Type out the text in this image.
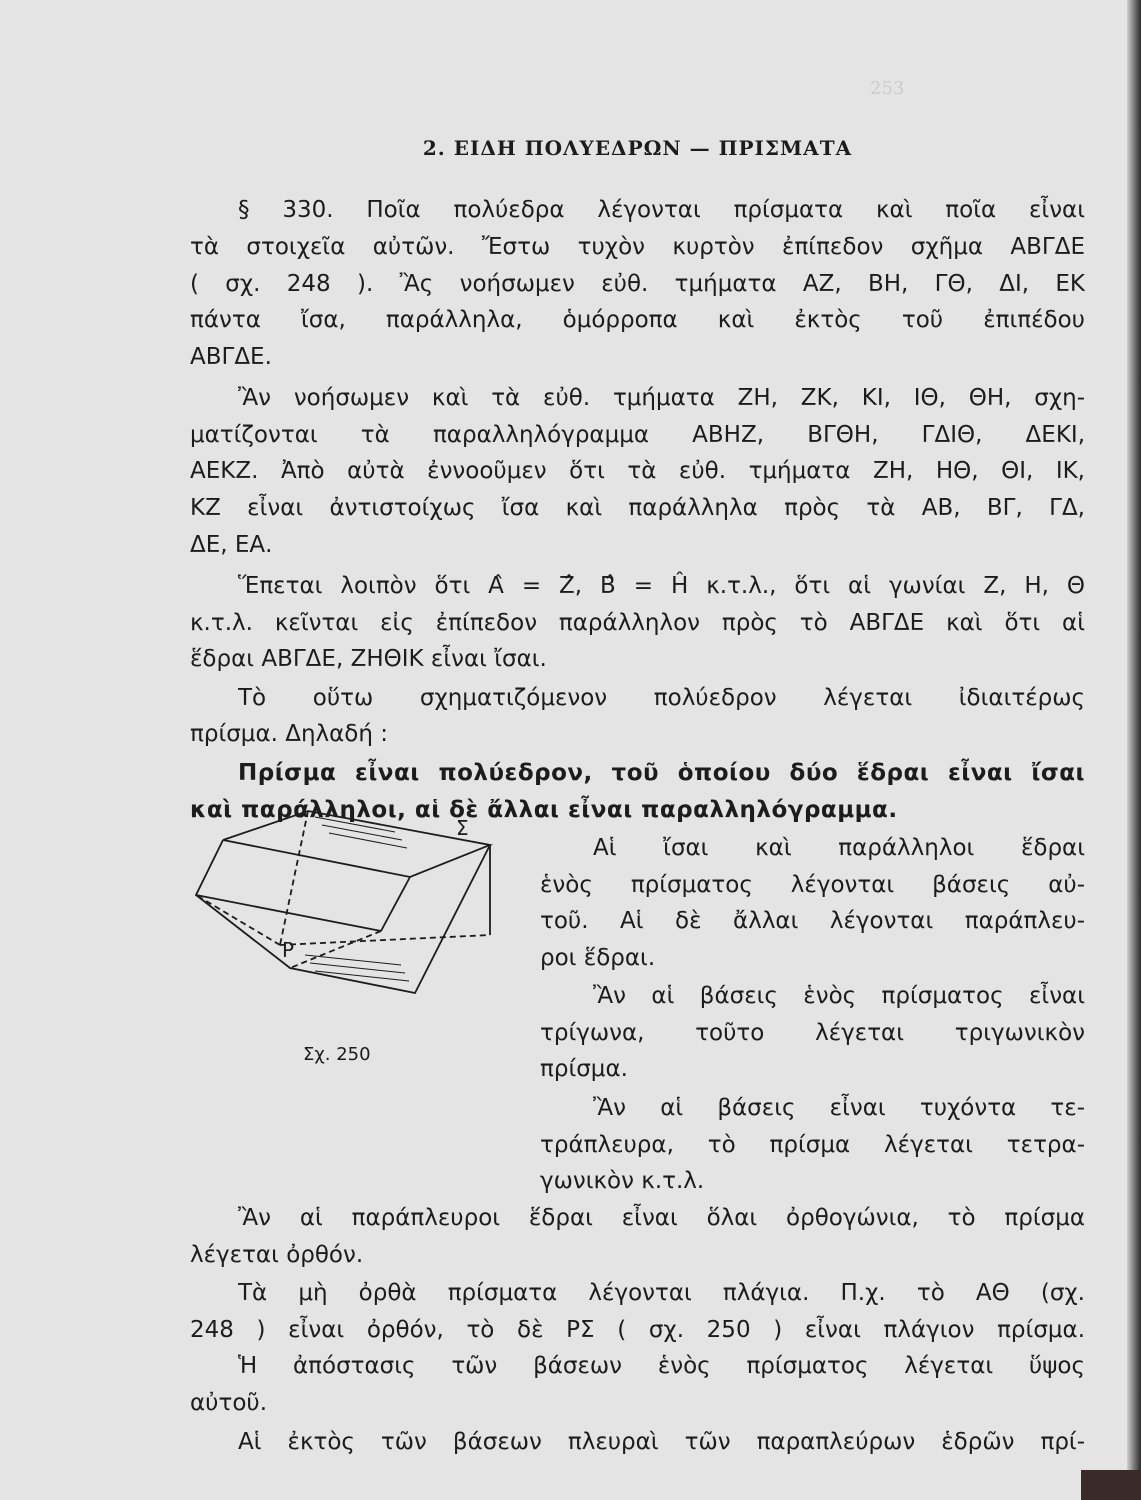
253
2. ΕΙΔΗ ΠΟΛΥΕΔΡΩΝ — ΠΡΙΣΜΑΤΑ
§ 330. Ποῖα πολύεδρα λέγονται πρίσματα καὶ ποῖα εἶναι
τὰ στοιχεῖα αὐτῶν. Ἔστω τυχὸν κυρτὸν ἐπίπεδον σχῆμα ΑΒΓΔΕ
( σχ. 248 ). Ἂς νοήσωμεν εὐθ. τμήματα ΑΖ, ΒΗ, ΓΘ, ΔΙ, ΕΚ
πάντα ἴσα, παράλληλα, ὁμόρροπα καὶ ἐκτὸς τοῦ ἐπιπέδου
ΑΒΓΔΕ.
Ἂν νοήσωμεν καὶ τὰ εὐθ. τμήματα ΖΗ, ΖΚ, ΚΙ, ΙΘ, ΘΗ, σχη-
ματίζονται τὰ παραλληλόγραμμα ΑΒΗΖ, ΒΓΘΗ, ΓΔΙΘ, ΔΕΚΙ,
ΑΕΚΖ. Ἀπὸ αὐτὰ ἐννοοῦμεν ὅτι τὰ εὐθ. τμήματα ΖΗ, ΗΘ, ΘΙ, ΙΚ,
ΚΖ εἶναι ἀντιστοίχως ἴσα καὶ παράλληλα πρὸς τὰ ΑΒ, ΒΓ, ΓΔ,
ΔΕ, ΕΑ.
Ἕπεται λοιπὸν ὅτι Α̂ = Ζ̂, Β̂ = Ĥ κ.τ.λ., ὅτι αἱ γωνίαι Ζ, Η, Θ
κ.τ.λ. κεῖνται εἰς ἐπίπεδον παράλληλον πρὸς τὸ ΑΒΓΔΕ καὶ ὅτι αἱ
ἕδραι ΑΒΓΔΕ, ΖΗΘΙΚ εἶναι ἴσαι.
Τὸ οὕτω σχηματιζόμενον πολύεδρον λέγεται ἰδιαιτέρως
πρίσμα. Δηλαδή :
Πρίσμα εἶναι πολύεδρον, τοῦ ὁποίου δύο ἕδραι εἶναι ἴσαι
καὶ παράλληλοι, αἱ δὲ ἄλλαι εἶναι παραλληλόγραμμα.
Αἱ ἴσαι καὶ παράλληλοι ἕδραι
ἑνὸς πρίσματος λέγονται βάσεις αὐ-
τοῦ. Αἱ δὲ ἄλλαι λέγονται παράπλευ-
ροι ἕδραι.
Ἂν αἱ βάσεις ἑνὸς πρίσματος εἶναι
τρίγωνα, τοῦτο λέγεται τριγωνικὸν
πρίσμα.
Ἂν αἱ βάσεις εἶναι τυχόντα τε-
τράπλευρα, τὸ πρίσμα λέγεται τετρα-
γωνικὸν κ.τ.λ.
Σ
Ρ
Σχ. 250
Ἂν αἱ παράπλευροι ἕδραι εἶναι ὅλαι ὀρθογώνια, τὸ πρίσμα
λέγεται ὀρθόν.
Τὰ μὴ ὀρθὰ πρίσματα λέγονται πλάγια. Π.χ. τὸ ΑΘ (σχ.
248 ) εἶναι ὀρθόν, τὸ δὲ ΡΣ ( σχ. 250 ) εἶναι πλάγιον πρίσμα.
Ἡ ἀπόστασις τῶν βάσεων ἑνὸς πρίσματος λέγεται ὕψος
αὐτοῦ.
Αἱ ἐκτὸς τῶν βάσεων πλευραὶ τῶν παραπλεύρων ἑδρῶν πρί-
